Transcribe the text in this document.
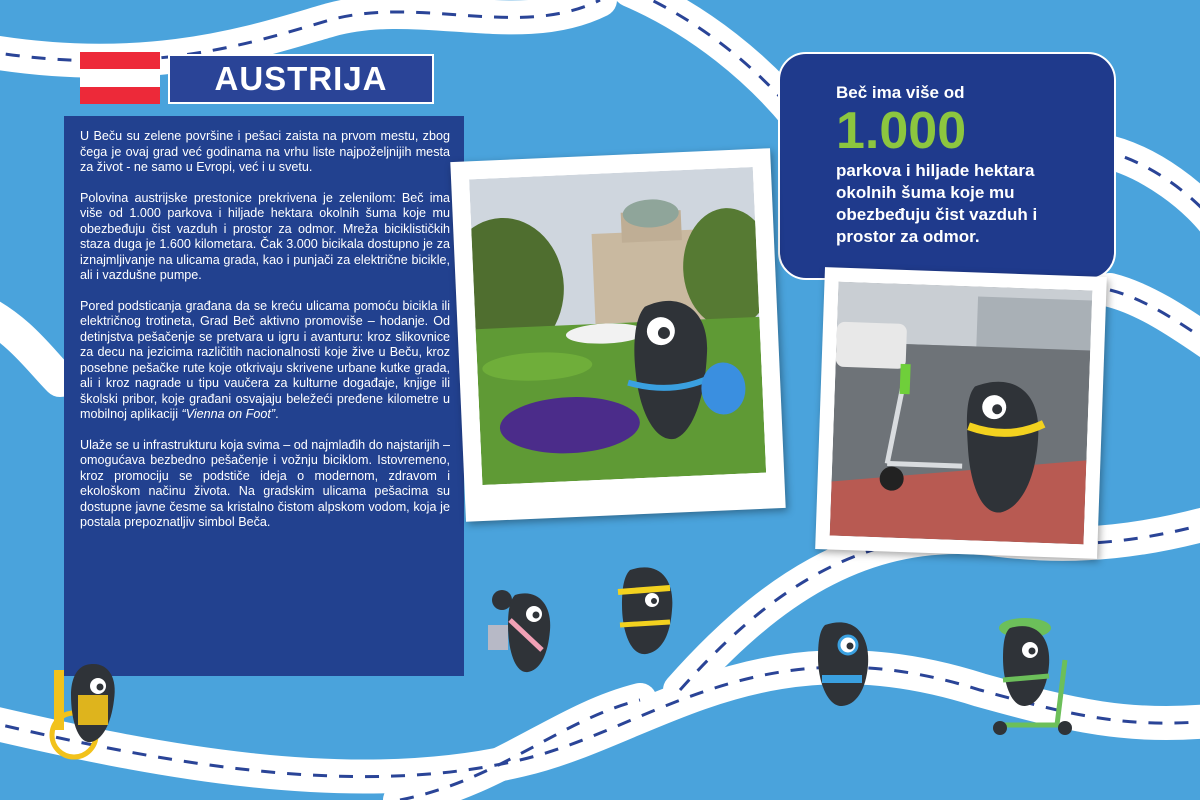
AUSTRIJA

U Beču su zelene površine i pešaci zaista na prvom mestu, zbog čega je ovaj grad već godinama na vrhu liste najpoželjnijih mesta za život - ne samo u Evropi, već i u svetu.

Polovina austrijske prestonice prekrivena je zelenilom: Beč ima više od 1.000 parkova i hiljade hektara okolnih šuma koje mu obezbeđuju čist vazduh i prostor za odmor. Mreža biciklističkih staza duga je 1.600 kilometara. Čak 3.000 bicikala dostupno je za iznajmljivanje na ulicama grada, kao i punjači za električne bicikle, ali i vazdušne pumpe.

Pored podsticanja građana da se kreću ulicama pomoću bicikla ili električnog trotineta, Grad Beč aktivno promoviše – hodanje. Od detinjstva pešačenje se pretvara u igru i avanturu: kroz slikovnice za decu na jezicima različitih nacionalnosti koje žive u Beču, kroz posebne pešačke rute koje otkrivaju skrivene urbane kutke grada, ali i kroz nagrade u tipu vaučera za kulturne događaje, knjige ili školski pribor, koje građani osvajaju beležeći pređene kilometre u mobilnoj aplikaciji “Vienna on Foot”.

Ulaže se u infrastrukturu koja svima – od najmlađih do najstarijih – omogućava bezbedno pešačenje i vožnju biciklom. Istovremeno, kroz promociju se podstiče ideja o modernom, zdravom i ekološkom načinu života. Na gradskim ulicama pešacima su dostupne javne česme sa kristalno čistom alpskom vodom, koja je postala prepoznatljiv simbol Beča.

Beč ima više od
1.000
parkova i hiljade hektara okolnih šuma koje mu obezbeđuju čist vazduh i prostor za odmor.
